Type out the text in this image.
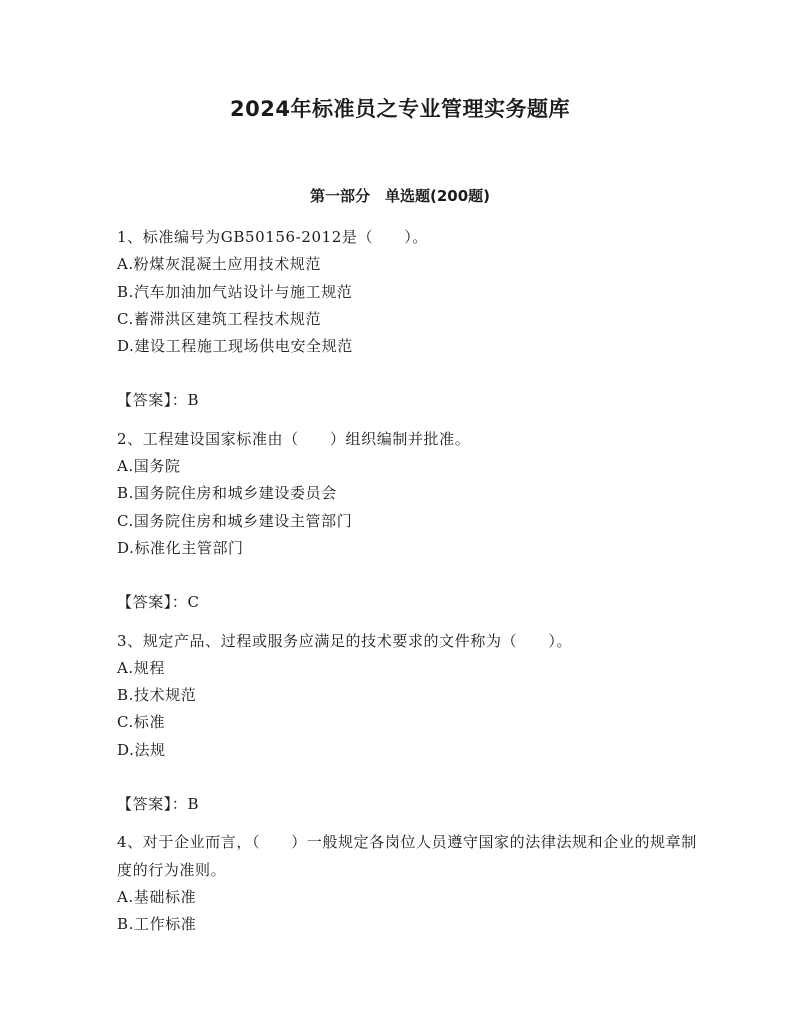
2024年标准员之专业管理实务题库
第一部分　单选题(200题)
1、标准编号为GB50156-2012是（　　）。
A.粉煤灰混凝土应用技术规范
B.汽车加油加气站设计与施工规范
C.蓄滞洪区建筑工程技术规范
D.建设工程施工现场供电安全规范
【答案】：B
2、工程建设国家标准由（　　）组织编制并批准。
A.国务院
B.国务院住房和城乡建设委员会
C.国务院住房和城乡建设主管部门
D.标准化主管部门
【答案】：C
3、规定产品、过程或服务应满足的技术要求的文件称为（　　）。
A.规程
B.技术规范
C.标准
D.法规
【答案】：B
4、对于企业而言，（　　）一般规定各岗位人员遵守国家的法律法规和企业的规章制度的行为准则。
A.基础标准
B.工作标准
